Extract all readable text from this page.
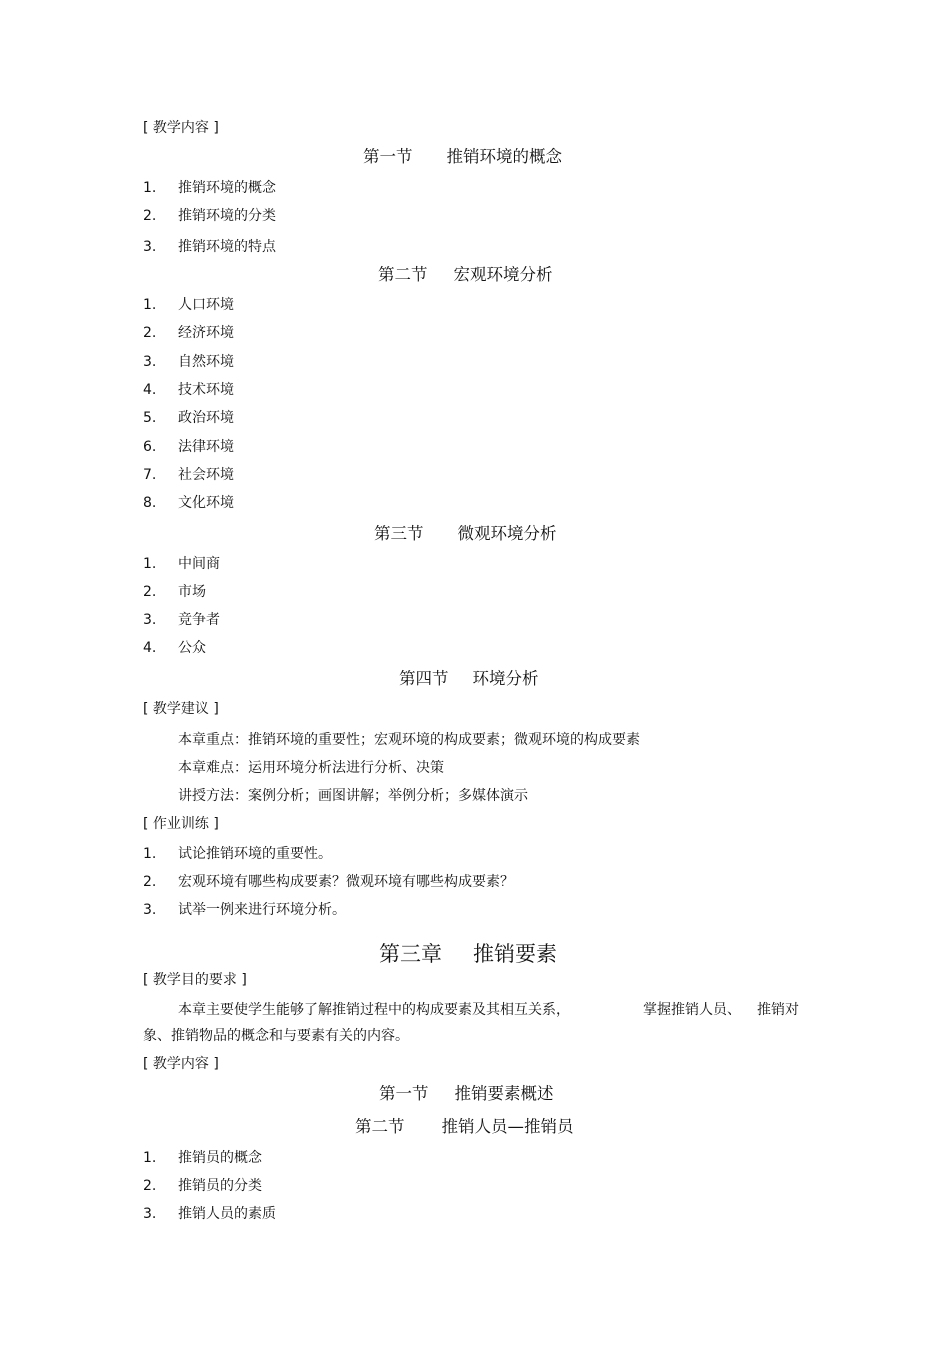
[ 教学内容 ]
第一节 推销环境的概念
1. 推销环境的概念
2. 推销环境的分类
3. 推销环境的特点
第二节 宏观环境分析
1. 人口环境
2. 经济环境
3. 自然环境
4. 技术环境
5. 政治环境
6. 法律环境
7. 社会环境
8. 文化环境
第三节 微观环境分析
1. 中间商
2. 市场
3. 竞争者
4. 公众
第四节 环境分析
[ 教学建议 ]
本章重点：推销环境的重要性；宏观环境的构成要素；微观环境的构成要素
本章难点：运用环境分析法进行分析、决策
讲授方法：案例分析；画图讲解；举例分析；多媒体演示
[ 作业训练 ]
1. 试论推销环境的重要性。
2. 宏观环境有哪些构成要素？微观环境有哪些构成要素？
3. 试举一例来进行环境分析。
第三章 推销要素
[ 教学目的要求 ]
本章主要使学生能够了解推销过程中的构成要素及其相互关系，	掌握推销人员、 推销对
象、推销物品的概念和与要素有关的内容。
[ 教学内容 ]
第一节 推销要素概述
第二节 推销人员—推销员
1. 推销员的概念
2. 推销员的分类
3. 推销人员的素质
